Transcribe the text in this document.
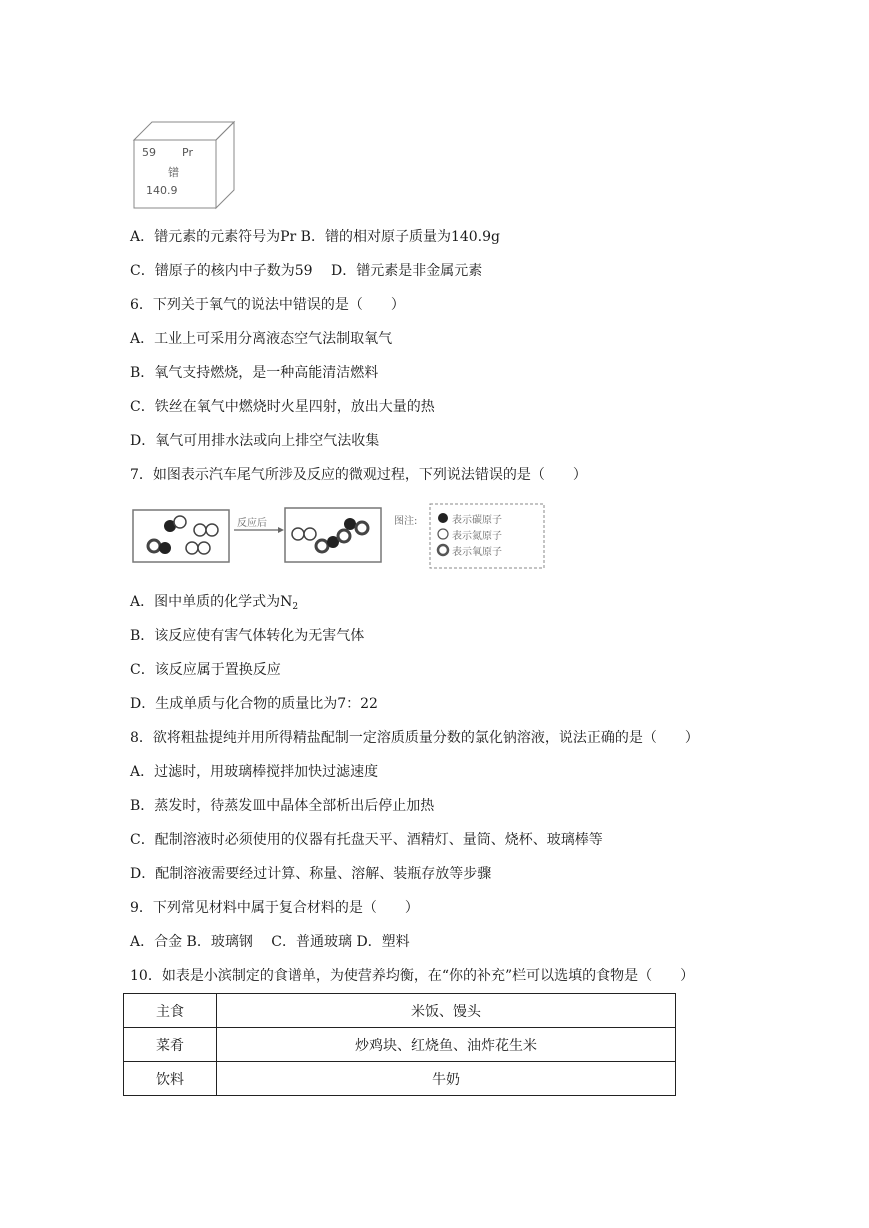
59 Pr
镨
140.9
A．镨元素的元素符号为Pr B．镨的相对原子质量为140.9g
C．镨原子的核内中子数为59　 D．镨元素是非金属元素
6．下列关于氧气的说法中错误的是（　　）
A．工业上可采用分离液态空气法制取氧气
B．氧气支持燃烧，是一种高能清洁燃料
C．铁丝在氧气中燃烧时火星四射，放出大量的热
D．氧气可用排水法或向上排空气法收集
7．如图表示汽车尾气所涉及反应的微观过程，下列说法错误的是（　　）
反应后	图注:	表示碳原子
表示氮原子
表示氧原子
A．图中单质的化学式为$N_2$
B．该反应使有害气体转化为无害气体
C．该反应属于置换反应
D．生成单质与化合物的质量比为7：22
8．欲将粗盐提纯并用所得精盐配制一定溶质质量分数的氯化钠溶液，说法正确的是（　　）
A．过滤时，用玻璃棒搅拌加快过滤速度
B．蒸发时，待蒸发皿中晶体全部析出后停止加热
C．配制溶液时必须使用的仪器有托盘天平、酒精灯、量筒、烧杯、玻璃棒等
D．配制溶液需要经过计算、称量、溶解、装瓶存放等步骤
9．下列常见材料中属于复合材料的是（　　）
A．合金 B．玻璃钢　 C．普通玻璃 D．塑料
10．如表是小滨制定的食谱单，为使营养均衡，在“你的补充”栏可以选填的食物是（　　）
主食	米饭、馒头
菜肴	炒鸡块、红烧鱼、油炸花生米
饮料	牛奶
